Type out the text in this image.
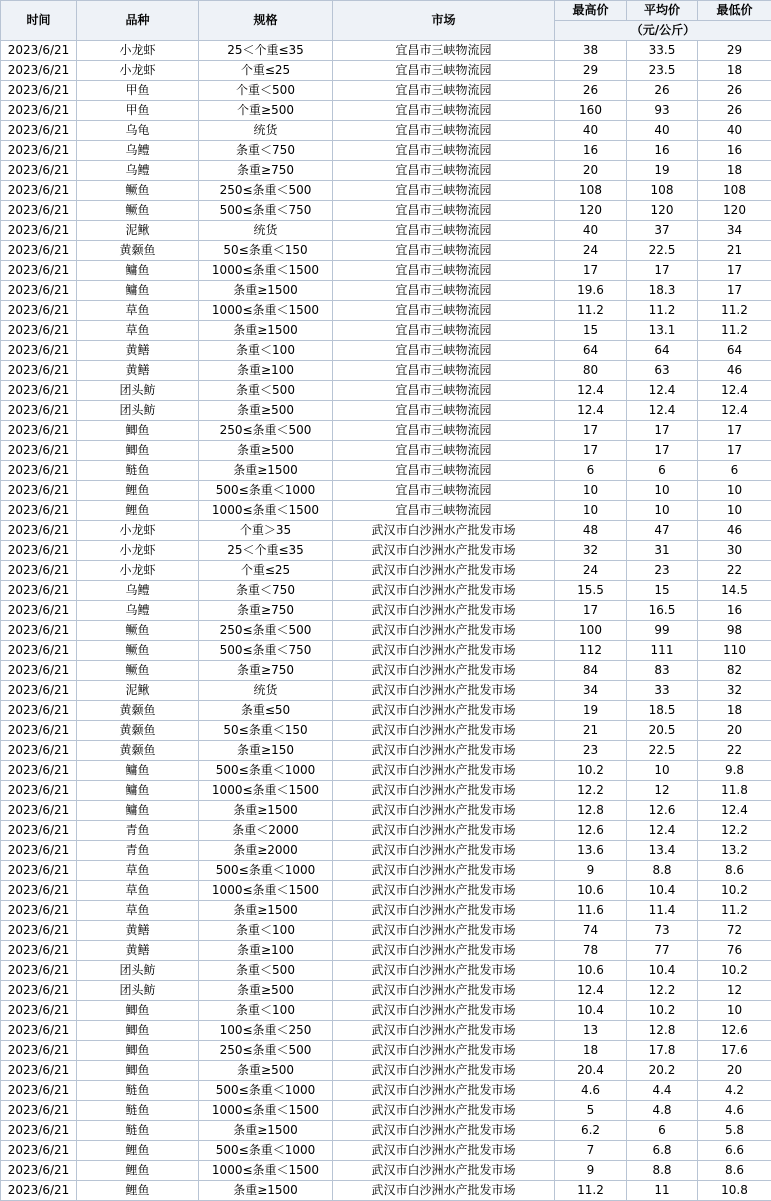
时间	品种	规格	市场	最高价	平均价	最低价
				（元/公斤）		
2023/6/21	小龙虾	25＜个重≤35	宜昌市三峡物流园	38	33.5	29
2023/6/21	小龙虾	个重≤25	宜昌市三峡物流园	29	23.5	18
2023/6/21	甲鱼	个重＜500	宜昌市三峡物流园	26	26	26
2023/6/21	甲鱼	个重≥500	宜昌市三峡物流园	160	93	26
2023/6/21	乌龟	统货	宜昌市三峡物流园	40	40	40
2023/6/21	乌鳢	条重＜750	宜昌市三峡物流园	16	16	16
2023/6/21	乌鳢	条重≥750	宜昌市三峡物流园	20	19	18
2023/6/21	鳜鱼	250≤条重＜500	宜昌市三峡物流园	108	108	108
2023/6/21	鳜鱼	500≤条重＜750	宜昌市三峡物流园	120	120	120
2023/6/21	泥鳅	统货	宜昌市三峡物流园	40	37	34
2023/6/21	黄颡鱼	50≤条重＜150	宜昌市三峡物流园	24	22.5	21
2023/6/21	鳙鱼	1000≤条重＜1500	宜昌市三峡物流园	17	17	17
2023/6/21	鳙鱼	条重≥1500	宜昌市三峡物流园	19.6	18.3	17
2023/6/21	草鱼	1000≤条重＜1500	宜昌市三峡物流园	11.2	11.2	11.2
2023/6/21	草鱼	条重≥1500	宜昌市三峡物流园	15	13.1	11.2
2023/6/21	黄鳝	条重＜100	宜昌市三峡物流园	64	64	64
2023/6/21	黄鳝	条重≥100	宜昌市三峡物流园	80	63	46
2023/6/21	团头鲂	条重＜500	宜昌市三峡物流园	12.4	12.4	12.4
2023/6/21	团头鲂	条重≥500	宜昌市三峡物流园	12.4	12.4	12.4
2023/6/21	鲫鱼	250≤条重＜500	宜昌市三峡物流园	17	17	17
2023/6/21	鲫鱼	条重≥500	宜昌市三峡物流园	17	17	17
2023/6/21	鲢鱼	条重≥1500	宜昌市三峡物流园	6	6	6
2023/6/21	鲤鱼	500≤条重＜1000	宜昌市三峡物流园	10	10	10
2023/6/21	鲤鱼	1000≤条重＜1500	宜昌市三峡物流园	10	10	10
2023/6/21	小龙虾	个重＞35	武汉市白沙洲水产批发市场	48	47	46
2023/6/21	小龙虾	25＜个重≤35	武汉市白沙洲水产批发市场	32	31	30
2023/6/21	小龙虾	个重≤25	武汉市白沙洲水产批发市场	24	23	22
2023/6/21	乌鳢	条重＜750	武汉市白沙洲水产批发市场	15.5	15	14.5
2023/6/21	乌鳢	条重≥750	武汉市白沙洲水产批发市场	17	16.5	16
2023/6/21	鳜鱼	250≤条重＜500	武汉市白沙洲水产批发市场	100	99	98
2023/6/21	鳜鱼	500≤条重＜750	武汉市白沙洲水产批发市场	112	111	110
2023/6/21	鳜鱼	条重≥750	武汉市白沙洲水产批发市场	84	83	82
2023/6/21	泥鳅	统货	武汉市白沙洲水产批发市场	34	33	32
2023/6/21	黄颡鱼	条重≤50	武汉市白沙洲水产批发市场	19	18.5	18
2023/6/21	黄颡鱼	50≤条重＜150	武汉市白沙洲水产批发市场	21	20.5	20
2023/6/21	黄颡鱼	条重≥150	武汉市白沙洲水产批发市场	23	22.5	22
2023/6/21	鳙鱼	500≤条重＜1000	武汉市白沙洲水产批发市场	10.2	10	9.8
2023/6/21	鳙鱼	1000≤条重＜1500	武汉市白沙洲水产批发市场	12.2	12	11.8
2023/6/21	鳙鱼	条重≥1500	武汉市白沙洲水产批发市场	12.8	12.6	12.4
2023/6/21	青鱼	条重＜2000	武汉市白沙洲水产批发市场	12.6	12.4	12.2
2023/6/21	青鱼	条重≥2000	武汉市白沙洲水产批发市场	13.6	13.4	13.2
2023/6/21	草鱼	500≤条重＜1000	武汉市白沙洲水产批发市场	9	8.8	8.6
2023/6/21	草鱼	1000≤条重＜1500	武汉市白沙洲水产批发市场	10.6	10.4	10.2
2023/6/21	草鱼	条重≥1500	武汉市白沙洲水产批发市场	11.6	11.4	11.2
2023/6/21	黄鳝	条重＜100	武汉市白沙洲水产批发市场	74	73	72
2023/6/21	黄鳝	条重≥100	武汉市白沙洲水产批发市场	78	77	76
2023/6/21	团头鲂	条重＜500	武汉市白沙洲水产批发市场	10.6	10.4	10.2
2023/6/21	团头鲂	条重≥500	武汉市白沙洲水产批发市场	12.4	12.2	12
2023/6/21	鲫鱼	条重＜100	武汉市白沙洲水产批发市场	10.4	10.2	10
2023/6/21	鲫鱼	100≤条重＜250	武汉市白沙洲水产批发市场	13	12.8	12.6
2023/6/21	鲫鱼	250≤条重＜500	武汉市白沙洲水产批发市场	18	17.8	17.6
2023/6/21	鲫鱼	条重≥500	武汉市白沙洲水产批发市场	20.4	20.2	20
2023/6/21	鲢鱼	500≤条重＜1000	武汉市白沙洲水产批发市场	4.6	4.4	4.2
2023/6/21	鲢鱼	1000≤条重＜1500	武汉市白沙洲水产批发市场	5	4.8	4.6
2023/6/21	鲢鱼	条重≥1500	武汉市白沙洲水产批发市场	6.2	6	5.8
2023/6/21	鲤鱼	500≤条重＜1000	武汉市白沙洲水产批发市场	7	6.8	6.6
2023/6/21	鲤鱼	1000≤条重＜1500	武汉市白沙洲水产批发市场	9	8.8	8.6
2023/6/21	鲤鱼	条重≥1500	武汉市白沙洲水产批发市场	11.2	11	10.8
